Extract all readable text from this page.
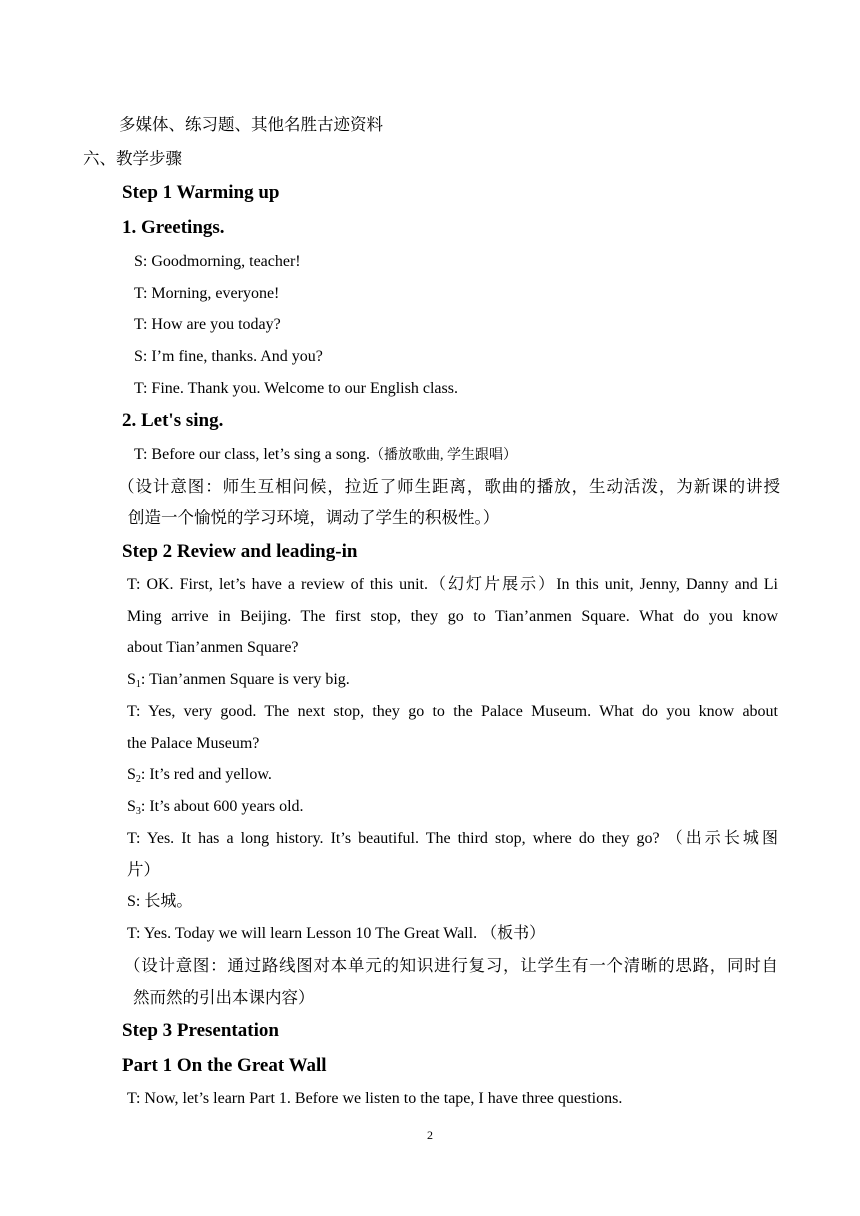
多媒体、练习题、其他名胜古迹资料
六、教学步骤
Step 1 Warming up
1. Greetings.
S: Goodmorning, teacher!
T: Morning, everyone!
T: How are you today?
S: I’m fine, thanks. And you?
T: Fine. Thank you. Welcome to our English class.
2. Let's sing.
T: Before our class, let’s sing a song.（播放歌曲, 学生跟唱）
（设计意图：师生互相问候，拉近了师生距离，歌曲的播放，生动活泼，为新课的讲授
创造一个愉悦的学习环境，调动了学生的积极性。）
Step 2 Review and leading-in
T: OK. First, let’s have a review of this unit.（幻灯片展示）In this unit, Jenny, Danny and Li
Ming arrive in Beijing. The first stop, they go to Tian’anmen Square. What do you know
about Tian’anmen Square?
$S_1$: Tian’anmen Square is very big.
T: Yes, very good. The next stop, they go to the Palace Museum. What do you know about
the Palace Museum?
$S_2$: It’s red and yellow.
$S_3$: It’s about 600 years old.
T: Yes. It has a long history. It’s beautiful. The third stop, where do they go? （出示长城图
片）
S: 长城。
T: Yes. Today we will learn Lesson 10 The Great Wall. （板书）
（设计意图：通过路线图对本单元的知识进行复习，让学生有一个清晰的思路，同时自
然而然的引出本课内容）
Step 3 Presentation
Part 1 On the Great Wall
T: Now, let’s learn Part 1. Before we listen to the tape, I have three questions.
2
